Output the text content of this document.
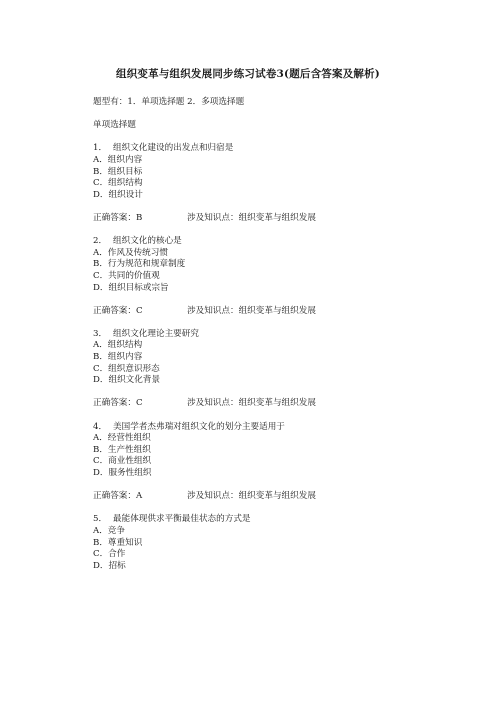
组织变革与组织发展同步练习试卷3(题后含答案及解析)
题型有：1．单项选择题 2．多项选择题
单项选择题
1． 组织文化建设的出发点和归宿是
A．组织内容
B．组织目标
C．组织结构
D．组织设计
正确答案：B	涉及知识点：组织变革与组织发展
2． 组织文化的核心是
A．作风及传统习惯
B．行为规范和规章制度
C．共同的价值观
D．组织目标或宗旨
正确答案：C	涉及知识点：组织变革与组织发展
3． 组织文化理论主要研究
A．组织结构
B．组织内容
C．组织意识形态
D．组织文化背景
正确答案：C	涉及知识点：组织变革与组织发展
4． 美国学者杰弗瑞对组织文化的划分主要适用于
A．经营性组织
B．生产性组织
C．商业性组织
D．服务性组织
正确答案：A	涉及知识点：组织变革与组织发展
5． 最能体现供求平衡最佳状态的方式是
A．竞争
B．尊重知识
C．合作
D．招标
